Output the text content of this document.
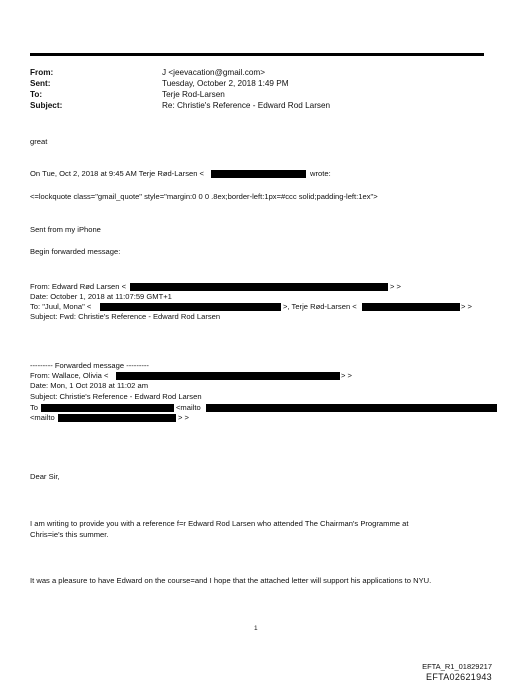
From:	J <jeevacation@gmail.com>
Sent:	Tuesday, October 2, 2018 1:49 PM
To:	Terje Rod-Larsen
Subject:	Re: Christie's Reference - Edward Rod Larsen
great
On Tue, Oct 2, 2018 at 9:45 AM Terje Rød-Larsen <	wrote:
<=lockquote class="gmail_quote" style="margin:0 0 0 .8ex;border-left:1px=#ccc solid;padding-left:1ex">
Sent from my iPhone
Begin forwarded message:
From: Edward Rød Larsen <	> >
Date: October 1, 2018 at 11:07:59 GMT+1
To: "Juul, Mona" <	>, Terje Rød-Larsen <	> >
Subject: Fwd: Christie's Reference - Edward Rod Larsen
--------- Forwarded message ---------
From: Wallace, Olivia <	> >
Date: Mon, 1 Oct 2018 at 11:02 am
Subject: Christie's Reference - Edward Rod Larsen
To	<mailto
<mailto	> >
Dear Sir,
I am writing to provide you with a reference f=r Edward Rod Larsen who attended The Chairman's Programme at
Chris=ie's this summer.
It was a pleasure to have Edward on the course=and I hope that the attached letter will support his applications to NYU.
1
EFTA_R1_01829217
EFTA02621943
